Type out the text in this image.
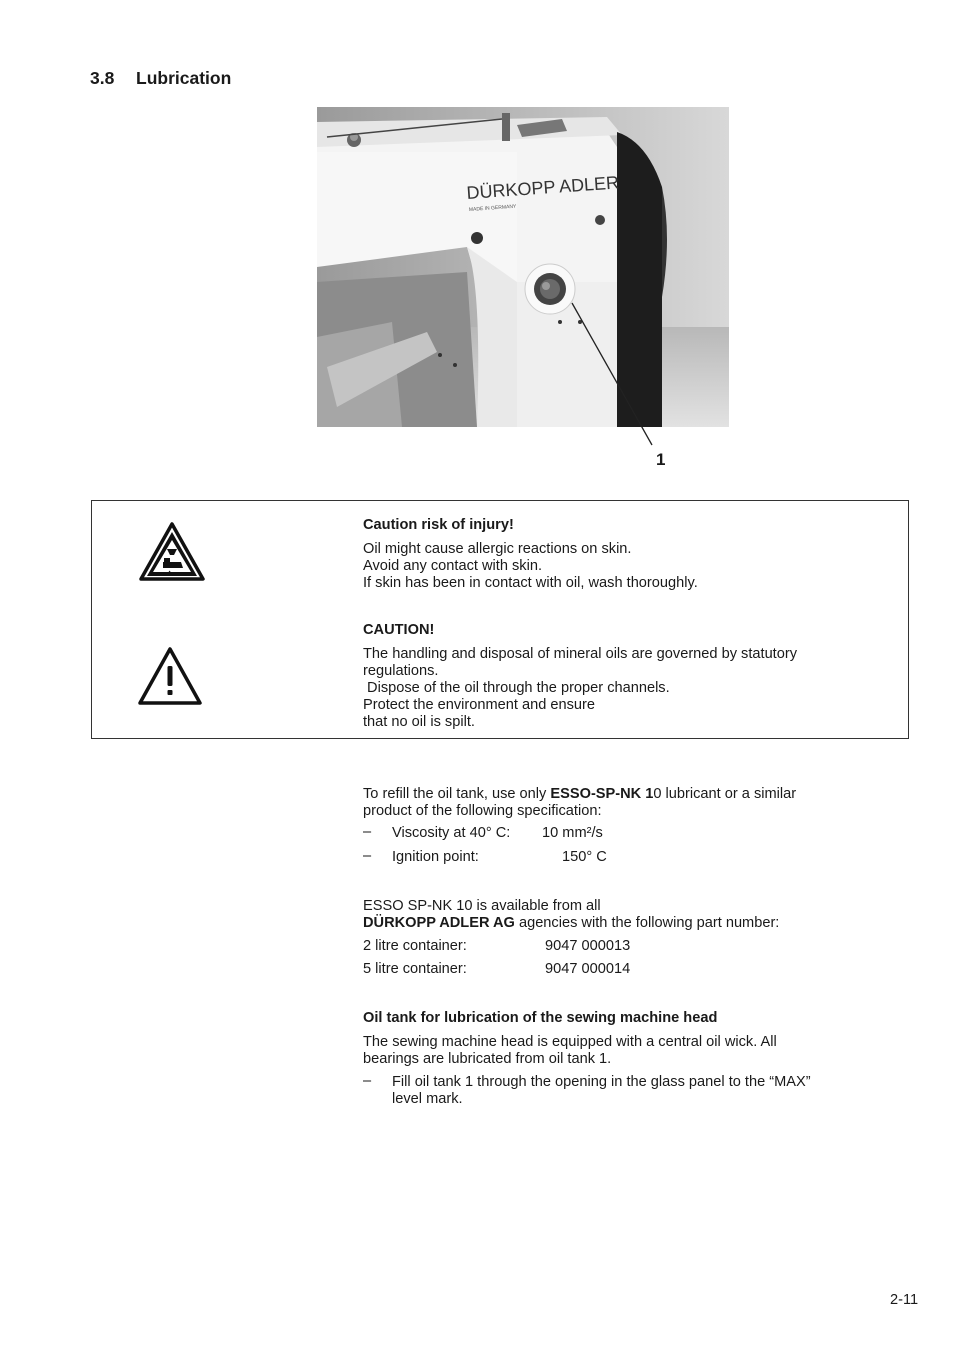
3.8 Lubrication
DÜRKOPP ADLER
MADE IN GERMANY
1
Caution risk of injury!
Oil might cause allergic reactions on skin.
Avoid any contact with skin.
If skin has been in contact with oil, wash thoroughly.
CAUTION!
The handling and disposal of mineral oils are governed by statutory
regulations.
Dispose of the oil through the proper channels.
Protect the environment and ensure
that no oil is spilt.
To refill the oil tank, use only ESSO-SP-NK 10 lubricant or a similar
product of the following specification:
– Viscosity at 40° C: 10 mm²/s
– Ignition point:	150° C
ESSO SP-NK 10 is available from all
DÜRKOPP ADLER AG agencies with the following part number:
2 litre container:	9047 000013
5 litre container:	9047 000014
Oil tank for lubrication of the sewing machine head
The sewing machine head is equipped with a central oil wick. All
bearings are lubricated from oil tank 1.
– Fill oil tank 1 through the opening in the glass panel to the “MAX”
level mark.
2-11
